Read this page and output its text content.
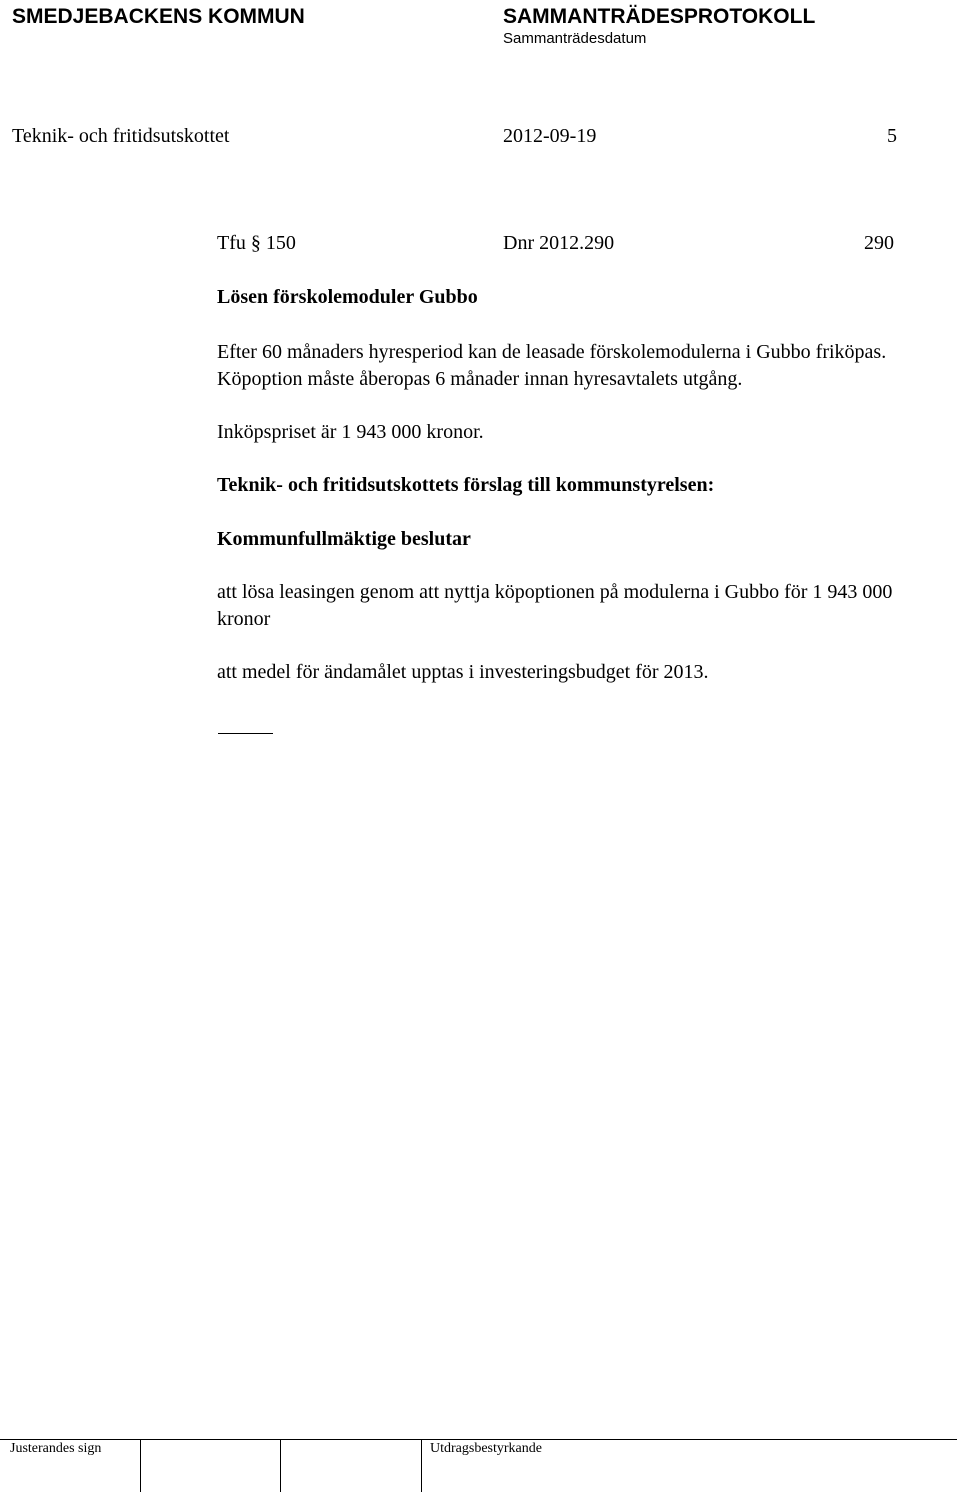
SMEDJEBACKENS KOMMUN	SAMMANTRÄDESPROTOKOLL
Sammanträdesdatum
Teknik- och fritidsutskottet	2012-09-19	5
Tfu § 150	Dnr 2012.290	290
Lösen förskolemoduler Gubbo
Efter 60 månaders hyresperiod kan de leasade förskolemodulerna i Gubbo friköpas. Köpoption måste åberopas 6 månader innan hyresavtalets utgång.
Inköpspriset är 1 943 000 kronor.
Teknik- och fritidsutskottets förslag till kommunstyrelsen:
Kommunfullmäktige beslutar
att lösa leasingen genom att nyttja köpoptionen på modulerna i Gubbo för 1 943 000 kronor
att medel för ändamålet upptas i investeringsbudget för 2013.
Justerandes sign	Utdragsbestyrkande
